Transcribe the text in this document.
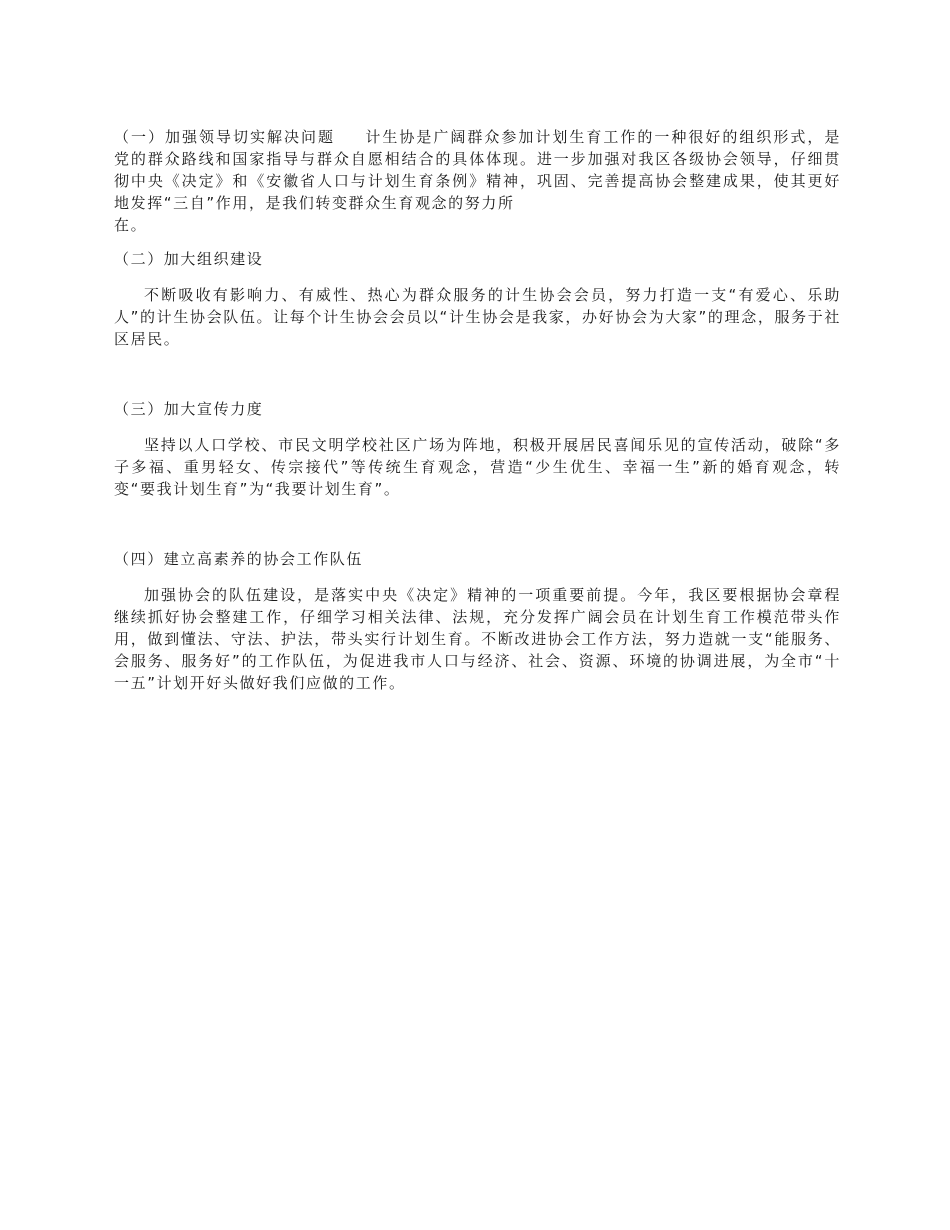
（一）加强领导切实解决问题 计生协是广阔群众参加计划生育工作的一种很好的组织形式，是党的群众路线和国家指导与群众自愿相结合的具体体现。进一步加强对我区各级协会领导，仔细贯彻中央《决定》和《安徽省人口与计划生育条例》精神，巩固、完善提高协会整建成果，使其更好地发挥“三自”作用，是我们转变群众生育观念的努力所
在。

（二）加大组织建设

不断吸收有影响力、有威性、热心为群众服务的计生协会会员，努力打造一支“有爱心、乐助人”的计生协会队伍。让每个计生协会会员以“计生协会是我家，办好协会为大家”的理念，服务于社区居民。

（三）加大宣传力度

坚持以人口学校、市民文明学校社区广场为阵地，积极开展居民喜闻乐见的宣传活动，破除“多子多福、重男轻女、传宗接代”等传统生育观念，营造“少生优生、幸福一生”新的婚育观念，转变“要我计划生育”为“我要计划生育”。

（四）建立高素养的协会工作队伍

加强协会的队伍建设，是落实中央《决定》精神的一项重要前提。今年，我区要根据协会章程继续抓好协会整建工作，仔细学习相关法律、法规，充分发挥广阔会员在计划生育工作模范带头作用，做到懂法、守法、护法，带头实行计划生育。不断改进协会工作方法，努力造就一支“能服务、会服务、服务好”的工作队伍，为促进我市人口与经济、社会、资源、环境的协调进展，为全市“十一五”计划开好头做好我们应做的工作。
